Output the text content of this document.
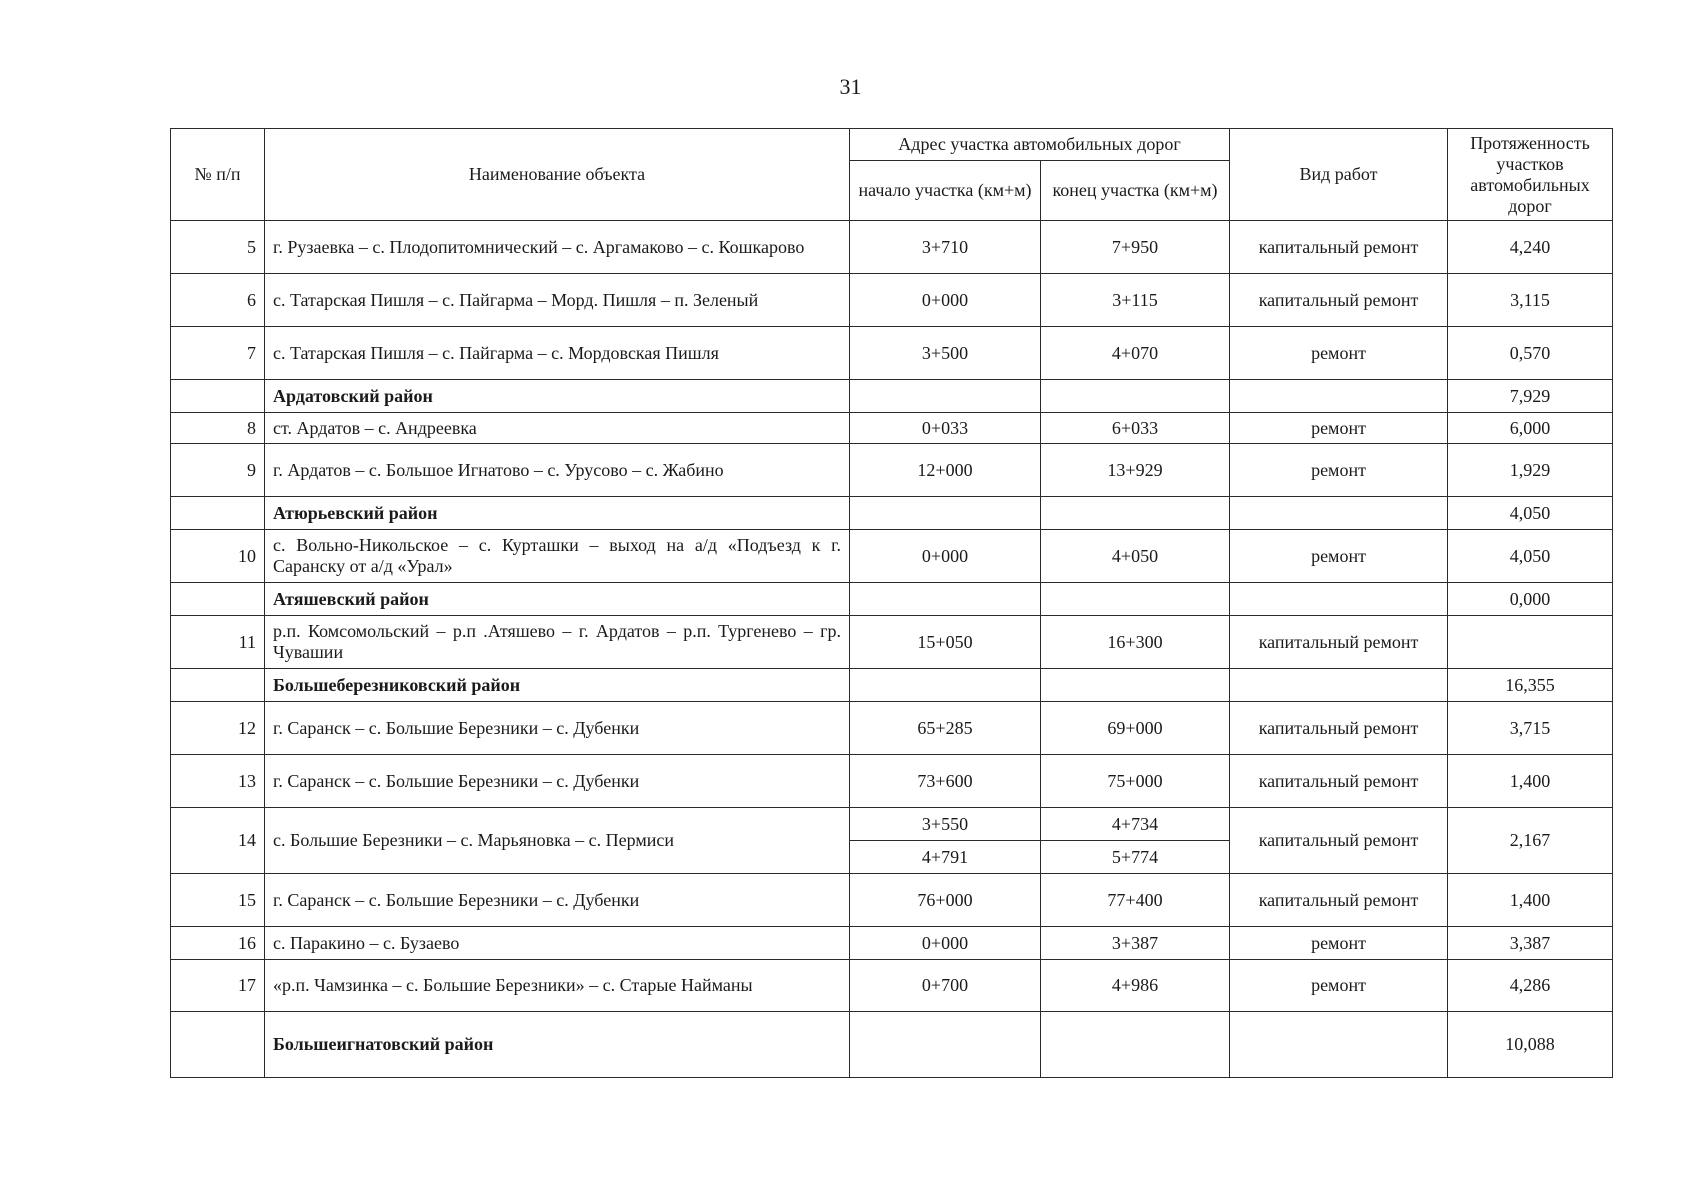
31
№ п/п	Наименование объекта	Адрес участка автомобильных дорог		Вид работ	Протяженность участков автомобильных дорог
		начало участка (км+м)	конец участка (км+м)		
5	г. Рузаевка – с. Плодопитомнический – с. Аргамаково – с. Кошкарово	3+710	7+950	капитальный ремонт	4,240
6	с. Татарская Пишля – с. Пайгарма – Морд. Пишля – п. Зеленый	0+000	3+115	капитальный ремонт	3,115
7	с. Татарская Пишля – с. Пайгарма – с. Мордовская Пишля	3+500	4+070	ремонт	0,570
	Ардатовский район				7,929
8	ст. Ардатов – с. Андреевка	0+033	6+033	ремонт	6,000
9	г. Ардатов – с. Большое Игнатово – с. Урусово – с. Жабино	12+000	13+929	ремонт	1,929
	Атюрьевский район				4,050
10	с. Вольно-Никольское – с. Курташки – выход на а/д «Подъезд к г. Саранску от а/д «Урал»	0+000	4+050	ремонт	4,050
	Атяшевский район				0,000
11	р.п. Комсомольский – р.п .Атяшево – г. Ардатов – р.п. Тургенево – гр. Чувашии	15+050	16+300	капитальный ремонт	
	Большеберезниковский район				16,355
12	г. Саранск – с. Большие Березники – с. Дубенки	65+285	69+000	капитальный ремонт	3,715
13	г. Саранск – с. Большие Березники – с. Дубенки	73+600	75+000	капитальный ремонт	1,400
14	с. Большие Березники – с. Марьяновка – с. Пермиси	3+550	4+734	капитальный ремонт	2,167
		4+791	5+774		
15	г. Саранск – с. Большие Березники – с. Дубенки	76+000	77+400	капитальный ремонт	1,400
16	с. Паракино – с. Бузаево	0+000	3+387	ремонт	3,387
17	«р.п. Чамзинка – с. Большие Березники» – с. Старые Найманы	0+700	4+986	ремонт	4,286
	Большеигнатовский район				10,088
